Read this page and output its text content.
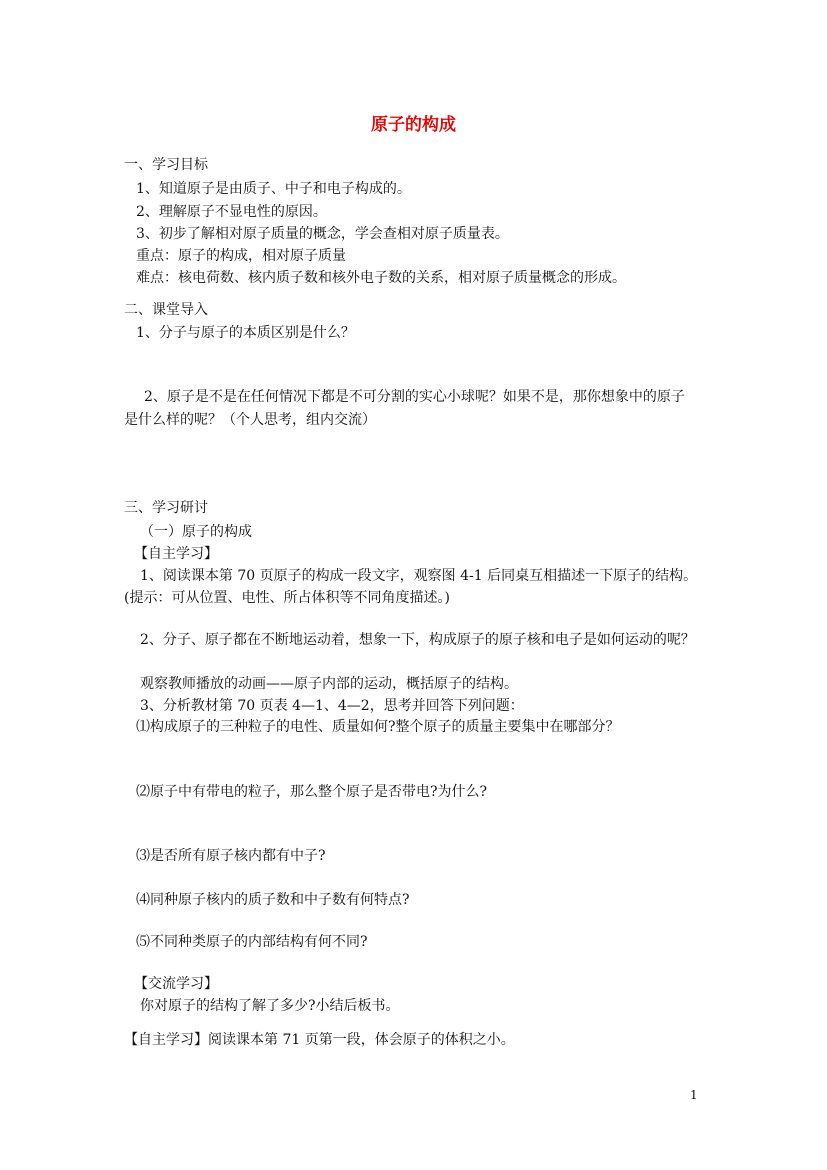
原子的构成
一、学习目标
1、知道原子是由质子、中子和电子构成的。
2、理解原子不显电性的原因。
3、初步了解相对原子质量的概念，学会查相对原子质量表。
重点：原子的构成，相对原子质量
难点：核电荷数、核内质子数和核外电子数的关系，相对原子质量概念的形成。
二、课堂导入
1、分子与原子的本质区别是什么？
2、原子是不是在任何情况下都是不可分割的实心小球呢？如果不是，那你想象中的原子
是什么样的呢？（个人思考，组内交流）
三、学习研讨
（一）原子的构成
【自主学习】
1、阅读课本第 70 页原子的构成一段文字，观察图 4-1 后同桌互相描述一下原子的结构。
(提示：可从位置、电性、所占体积等不同角度描述。)
2、分子、原子都在不断地运动着，想象一下，构成原子的原子核和电子是如何运动的呢？
观察教师播放的动画——原子内部的运动，概括原子的结构。
3、分析教材第 70 页表 4—1、4—2，思考并回答下列问题：
⑴构成原子的三种粒子的电性、质量如何?整个原子的质量主要集中在哪部分？
⑵原子中有带电的粒子，那么整个原子是否带电?为什么?
⑶是否所有原子核内都有中子?
⑷同种原子核内的质子数和中子数有何特点?
⑸不同种类原子的内部结构有何不同?
【交流学习】
你对原子的结构了解了多少?小结后板书。
【自主学习】阅读课本第 71 页第一段，体会原子的体积之小。
1
